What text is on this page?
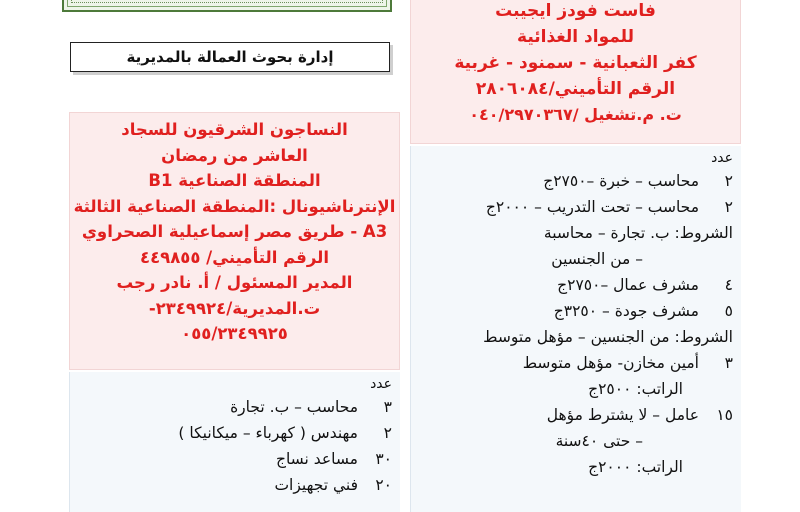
إدارة بحوث العمالة بالمديرية
النساجون الشرقيون للسجاد
العاشر من رمضان
المنطقة الصناعية B1
الإنترناشيونال :المنطقة الصناعية الثالثة
A3 - طريق مصر إسماعيلية الصحراوي
الرقم التأميني/ ٤٤٩٨٥٥
المدير المسئول / أ. نادر رجب
ت.المديرية/٢٣٤٩٩٢٤-
٠٥٥/٢٣٤٩٩٢٥
عدد
٣
محاسب – ب. تجارة
٢
مهندس ( كهرباء – ميكانيكا )
٣٠
مساعد نساج
٢٠
فني تجهيزات
فاست فودز ايجيبت
للمواد الغذائية
كفر الثعبانية - سمنود - غربية
الرقم التأميني/٢٨٠٦٠٨٤
ت. م.تشغيل /٠٤٠/٢٩٧٠٣٦٧
عدد
٢
محاسب – خبرة –٢٧٥٠ج
٢
محاسب – تحت التدريب – ٢٠٠٠ج
الشروط: ب. تجارة – محاسبة
– من الجنسين
٤
مشرف عمال –٢٧٥٠ج
٥
مشرف جودة – ٣٢٥٠ج
الشروط: من الجنسين – مؤهل متوسط
٣
أمين مخازن- مؤهل متوسط
الراتب: ٢٥٠٠ج
١٥
عامل – لا يشترط مؤهل
– حتى ٤٠سنة
الراتب: ٢٠٠٠ج
